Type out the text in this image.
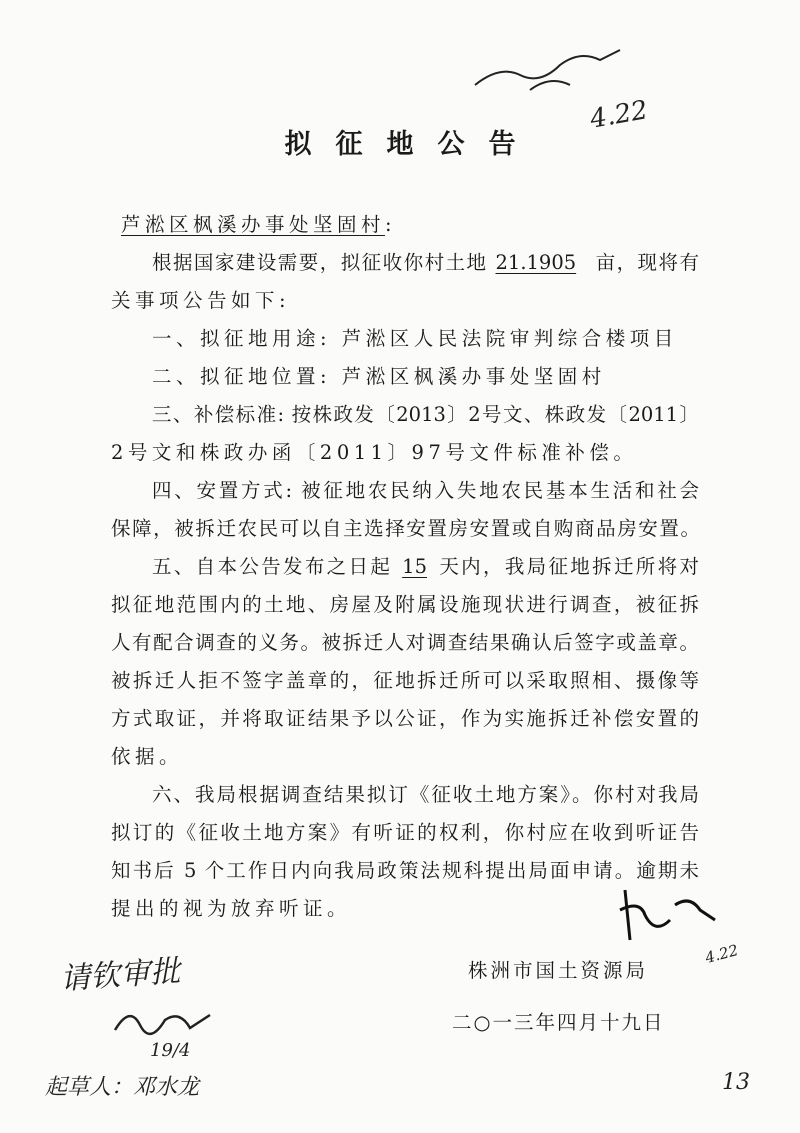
拟征地公告
4.22
芦淞区枫溪办事处坚固村:
根据国家建设需要，拟征收你村土地 21.1905 亩，现将有
关事项公告如下:
一、拟征地用途: 芦淞区人民法院审判综合楼项目
二、拟征地位置: 芦淞区枫溪办事处坚固村
三、补偿标准: 按株政发〔2013〕2号文、株政发〔2011〕
2号文和株政办函〔2011〕97号文件标准补偿。
四、安置方式: 被征地农民纳入失地农民基本生活和社会
保障，被拆迁农民可以自主选择安置房安置或自购商品房安置。
五、自本公告发布之日起 15 天内，我局征地拆迁所将对
拟征地范围内的土地、房屋及附属设施现状进行调查，被征拆
人有配合调查的义务。被拆迁人对调查结果确认后签字或盖章。
被拆迁人拒不签字盖章的，征地拆迁所可以采取照相、摄像等
方式取证，并将取证结果予以公证，作为实施拆迁补偿安置的
依据。
六、我局根据调查结果拟订《征收土地方案》。你村对我局
拟订的《征收土地方案》有听证的权利，你村应在收到听证告
知书后 5 个工作日内向我局政策法规科提出局面申请。逾期未
提出的视为放弃听证。
4.22
株洲市国土资源局
二○一三年四月十九日
请钦审批
19/4
起草人：邓水龙	13
